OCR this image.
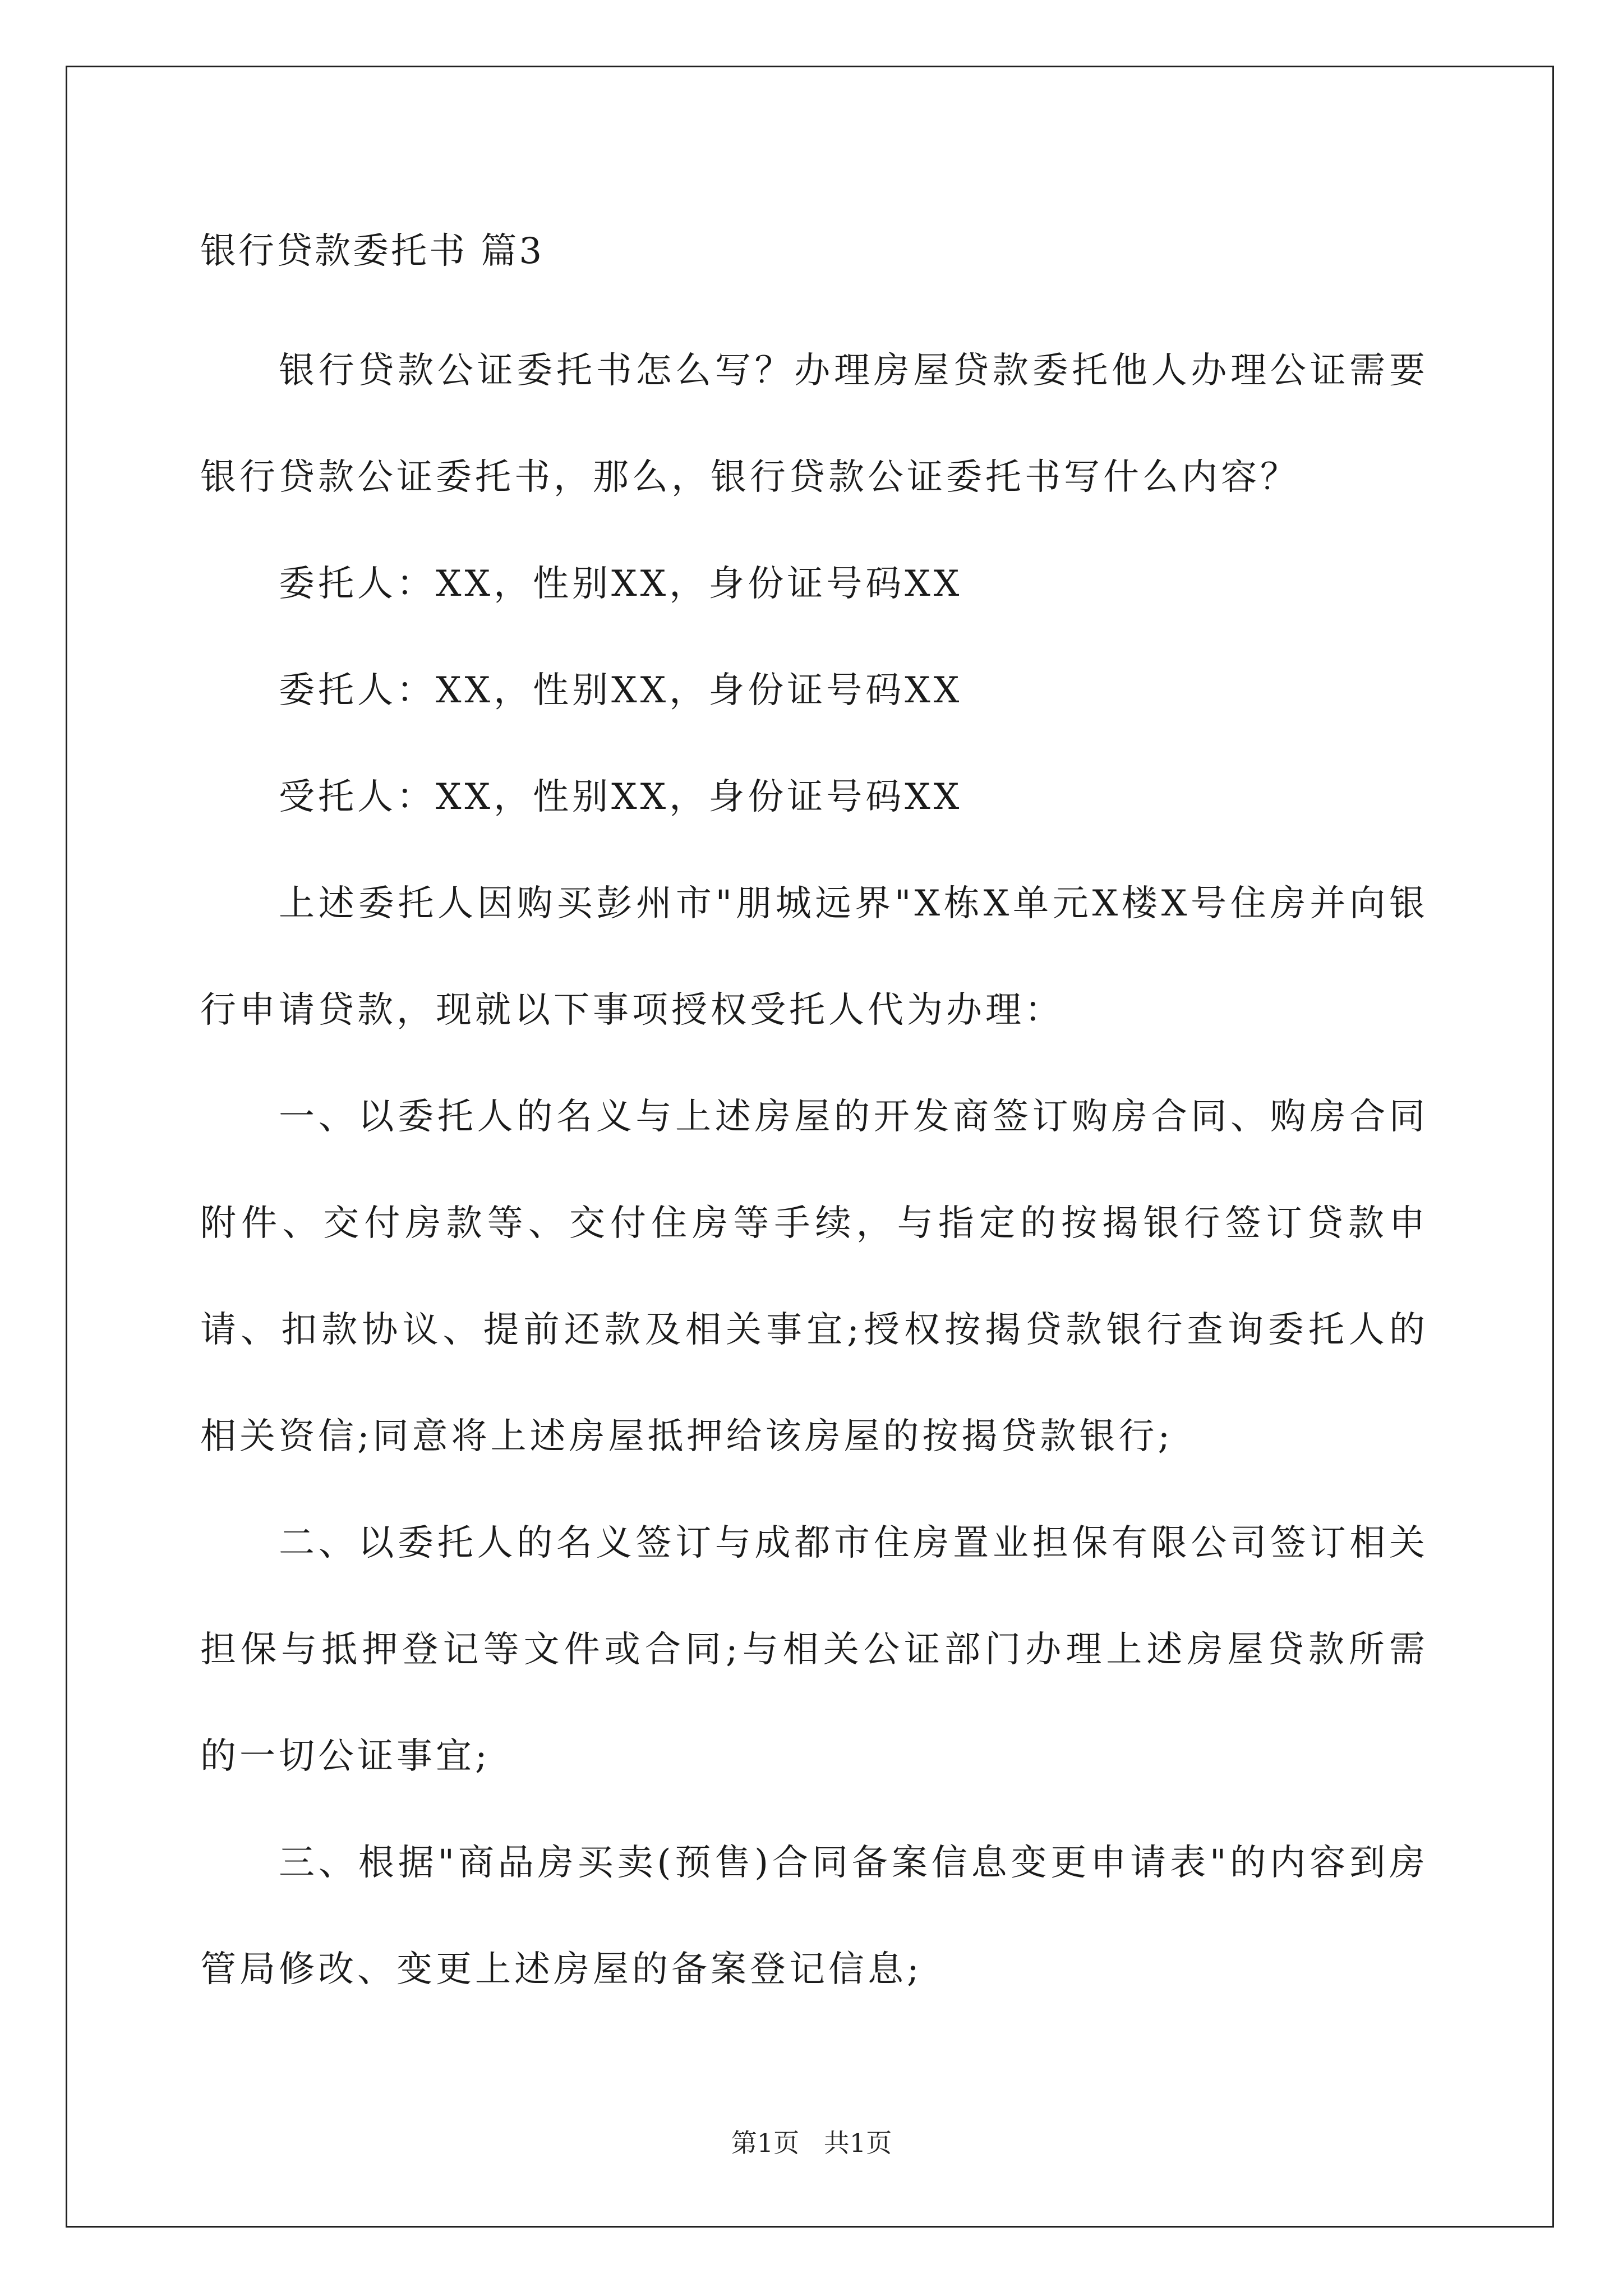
银行贷款委托书 篇3

银行贷款公证委托书怎么写？办理房屋贷款委托他人办理公证需要银行贷款公证委托书，那么，银行贷款公证委托书写什么内容？

委托人：XX，性别XX，身份证号码XX

委托人：XX，性别XX，身份证号码XX

受托人：XX，性别XX，身份证号码XX

上述委托人因购买彭州市"朋城远界"X栋X单元X楼X号住房并向银行申请贷款，现就以下事项授权受托人代为办理：

一、以委托人的名义与上述房屋的开发商签订购房合同、购房合同附件、交付房款等、交付住房等手续，与指定的按揭银行签订贷款申请、扣款协议、提前还款及相关事宜;授权按揭贷款银行查询委托人的相关资信;同意将上述房屋抵押给该房屋的按揭贷款银行;

二、以委托人的名义签订与成都市住房置业担保有限公司签订相关担保与抵押登记等文件或合同;与相关公证部门办理上述房屋贷款所需的一切公证事宜;

三、根据"商品房买卖(预售)合同备案信息变更申请表"的内容到房管局修改、变更上述房屋的备案登记信息;

第1页   共1页
